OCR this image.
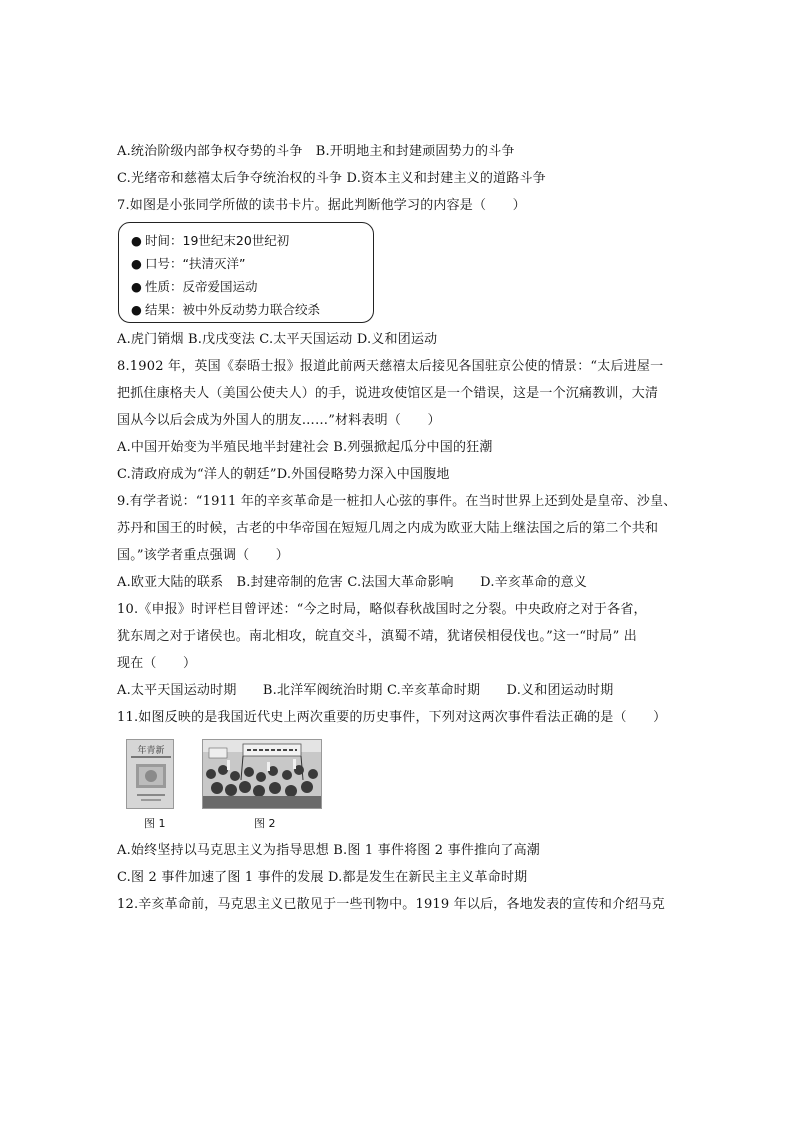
A.统治阶级内部争权夺势的斗争　B.开明地主和封建顽固势力的斗争
C.光绪帝和慈禧太后争夺统治权的斗争 D.资本主义和封建主义的道路斗争
7.如图是小张同学所做的读书卡片。据此判断他学习的内容是（　　）
● 时间：19世纪末20世纪初
● 口号：“扶清灭洋”
● 性质：反帝爱国运动
● 结果：被中外反动势力联合绞杀
A.虎门销烟 B.戊戌变法 C.太平天国运动 D.义和团运动
8.1902 年，英国《泰晤士报》报道此前两天慈禧太后接见各国驻京公使的情景：“太后进屋一
把抓住康格夫人（美国公使夫人）的手，说进攻使馆区是一个错误，这是一个沉痛教训，大清
国从今以后会成为外国人的朋友……”材料表明（　　）
A.中国开始变为半殖民地半封建社会 B.列强掀起瓜分中国的狂潮
C.清政府成为“洋人的朝廷”D.外国侵略势力深入中国腹地
9.有学者说：“1911 年的辛亥革命是一桩扣人心弦的事件。在当时世界上还到处是皇帝、沙皇、
苏丹和国王的时候，古老的中华帝国在短短几周之内成为欧亚大陆上继法国之后的第二个共和
国。”该学者重点强调（　　）
A.欧亚大陆的联系　B.封建帝制的危害 C.法国大革命影响　　D.辛亥革命的意义
10.《申报》时评栏目曾评述：“今之时局，略似春秋战国时之分裂。中央政府之对于各省，
犹东周之对于诸侯也。南北相攻，皖直交斗，滇蜀不靖，犹诸侯相侵伐也。”这一“时局” 出
现在（　　）
A.太平天国运动时期　　B.北洋军阀统治时期 C.辛亥革命时期　　D.义和团运动时期
11.如图反映的是我国近代史上两次重要的历史事件，下列对这两次事件看法正确的是（　　）
年青新
图 1	图 2
A.始终坚持以马克思主义为指导思想 B.图 1 事件将图 2 事件推向了高潮
C.图 2 事件加速了图 1 事件的发展 D.都是发生在新民主主义革命时期
12.辛亥革命前，马克思主义已散见于一些刊物中。1919 年以后，各地发表的宣传和介绍马克
